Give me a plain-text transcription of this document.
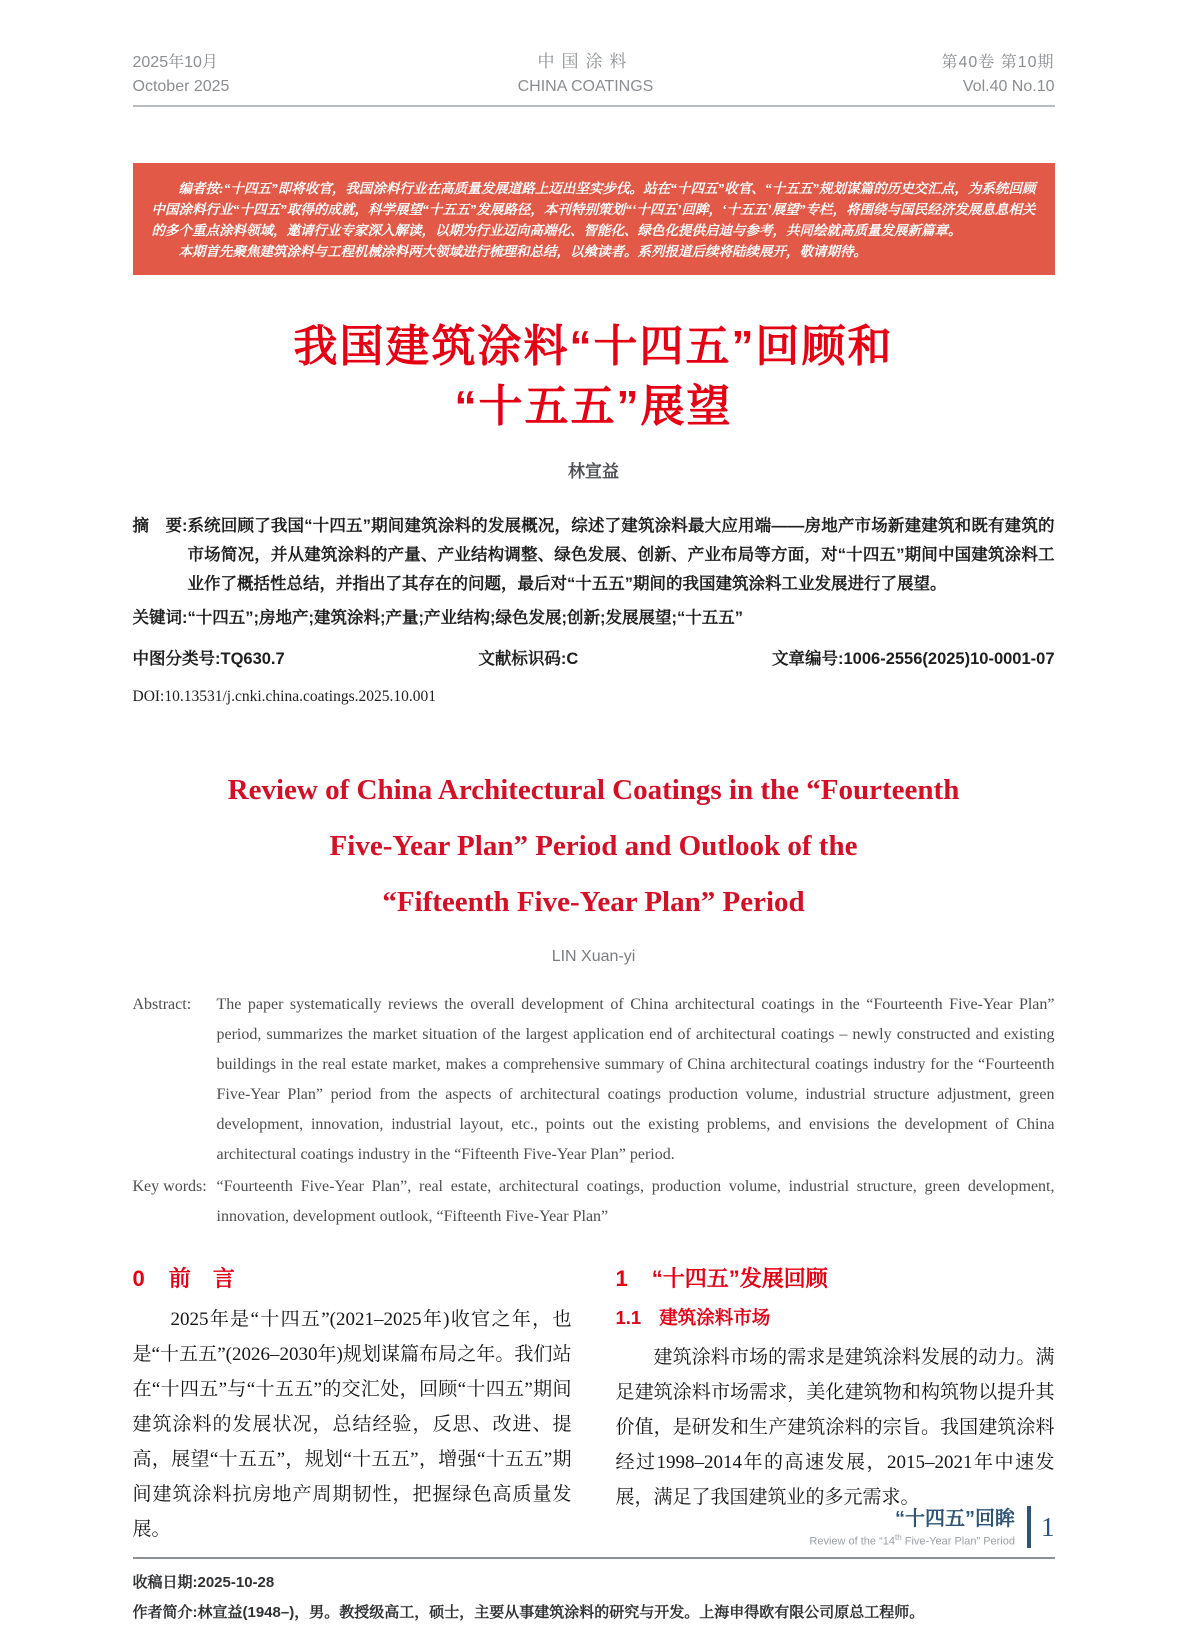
2025年10月
October 2025
中国涂料
CHINA COATINGS
第40卷 第10期
Vol.40 No.10

编者按:“十四五”即将收官，我国涂料行业在高质量发展道路上迈出坚实步伐。站在“十四五”收官、“十五五”规划谋篇的历史交汇点，为系统回顾中国涂料行业“十四五”取得的成就，科学展望“十五五”发展路径，本刊特别策划“‘十四五’回眸，‘十五五’展望”专栏，将围绕与国民经济发展息息相关的多个重点涂料领域，邀请行业专家深入解读，以期为行业迈向高端化、智能化、绿色化提供启迪与参考，共同绘就高质量发展新篇章。

本期首先聚焦建筑涂料与工程机械涂料两大领域进行梳理和总结，以飨读者。系列报道后续将陆续展开，敬请期待。

我国建筑涂料“十四五”回顾和
“十五五”展望
林宣益
摘　要: 系统回顾了我国“十四五”期间建筑涂料的发展概况，综述了建筑涂料最大应用端——房地产市场新建建筑和既有建筑的市场简况，并从建筑涂料的产量、产业结构调整、绿色发展、创新、产业布局等方面，对“十四五”期间中国建筑涂料工业作了概括性总结，并指出了其存在的问题，最后对“十五五”期间的我国建筑涂料工业发展进行了展望。
关键词: “十四五”;房地产;建筑涂料;产量;产业结构;绿色发展;创新;发展展望;“十五五”
中图分类号:TQ630.7	文献标识码:C	文章编号:1006-2556(2025)10-0001-07
DOI:10.13531/j.cnki.china.coatings.2025.10.001
Review of China Architectural Coatings in the “Fourteenth
Five-Year Plan” Period and Outlook of the
“Fifteenth Five-Year Plan” Period
LIN Xuan-yi
Abstract:	The paper systematically reviews the overall development of China architectural coatings in the “Fourteenth Five-Year Plan” period, summarizes the market situation of the largest application end of architectural coatings – newly constructed and existing buildings in the real estate market, makes a comprehensive summary of China architectural coatings industry for the “Fourteenth Five-Year Plan” period from the aspects of architectural coatings production volume, industrial structure adjustment, green development, innovation, industrial layout, etc., points out the existing problems, and envisions the development of China architectural coatings industry in the “Fifteenth Five-Year Plan” period.
Key words: “Fourteenth Five-Year Plan”, real estate, architectural coatings, production volume, industrial structure, green development, innovation, development outlook, “Fifteenth Five-Year Plan”
0 前　言

2025年是“十四五”(2021–2025年)收官之年，也是“十五五”(2026–2030年)规划谋篇布局之年。我们站在“十四五”与“十五五”的交汇处，回顾“十四五”期间建筑涂料的发展状况，总结经验，反思、改进、提高，展望“十五五”，规划“十五五”，增强“十五五”期间建筑涂料抗房地产周期韧性，把握绿色高质量发展。

1 “十四五”发展回顾
1.1 建筑涂料市场

建筑涂料市场的需求是建筑涂料发展的动力。满足建筑涂料市场需求，美化建筑物和构筑物以提升其价值，是研发和生产建筑涂料的宗旨。我国建筑涂料经过1998–2014年的高速发展，2015–2021年中速发展，满足了我国建筑业的多元需求。

收稿日期:2025-10-28
作者简介:林宣益(1948–)，男。教授级高工，硕士，主要从事建筑涂料的研究与开发。上海申得欧有限公司原总工程师。
“十四五”回眸
Review of the “14th Five-Year Plan” Period 1
